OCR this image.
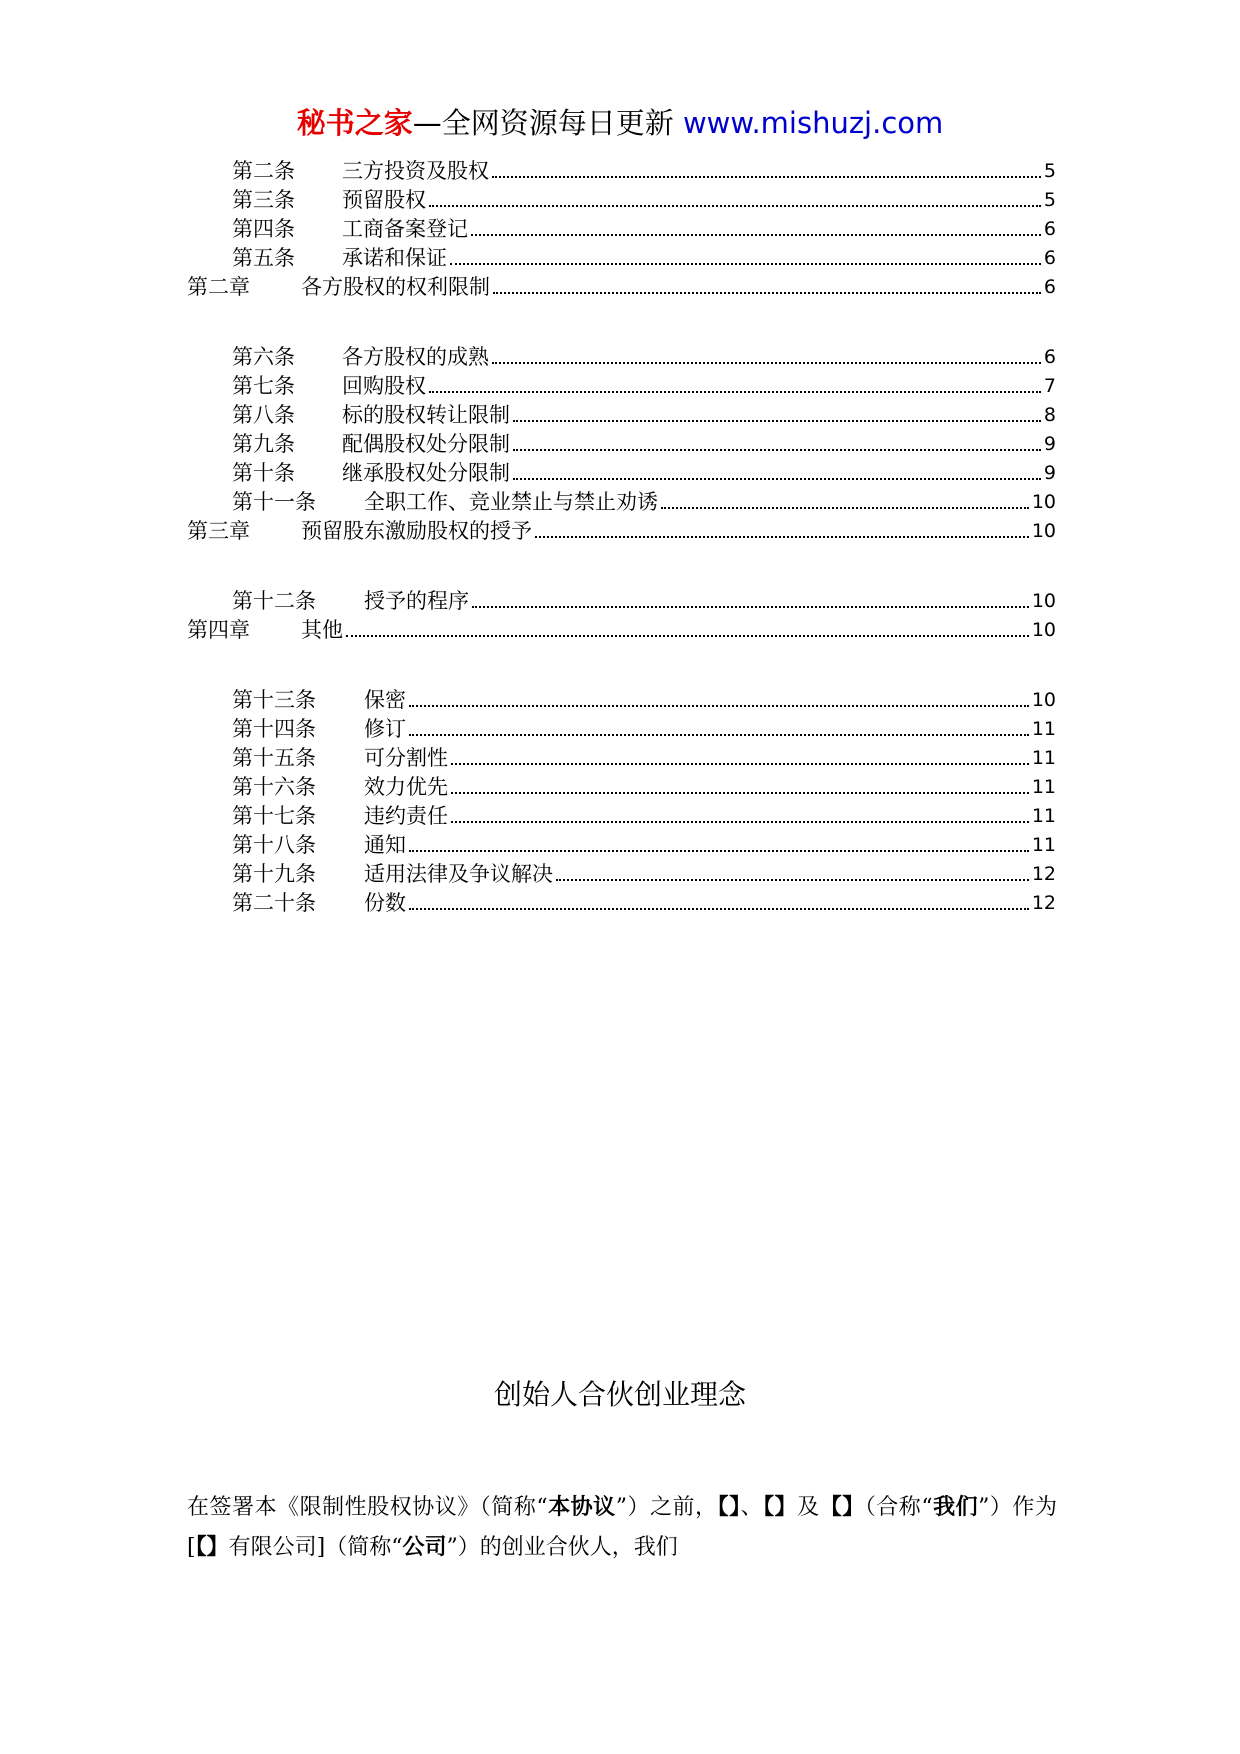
秘书之家—全网资源每日更新 www.mishuzj.com
第二条	三方投资及股权	5
第三条	预留股权	5
第四条	工商备案登记	6
第五条	承诺和保证	6
第二章	各方股权的权利限制	6
第六条	各方股权的成熟	6
第七条	回购股权	7
第八条	标的股权转让限制	8
第九条	配偶股权处分限制	9
第十条	继承股权处分限制	9
第十一条	全职工作、竞业禁止与禁止劝诱	10
第三章	预留股东激励股权的授予	10
第十二条	授予的程序	10
第四章	其他	10
第十三条	保密	10
第十四条	修订	11
第十五条	可分割性	11
第十六条	效力优先	11
第十七条	违约责任	11
第十八条	通知	11
第十九条	适用法律及争议解决	12
第二十条	份数	12
创始人合伙创业理念
在签署本《限制性股权协议》（简称“本协议”）之前，【】、【】及【】（合称“我们”）作为[【】有限公司]（简称“公司”）的创业合伙人，我们
